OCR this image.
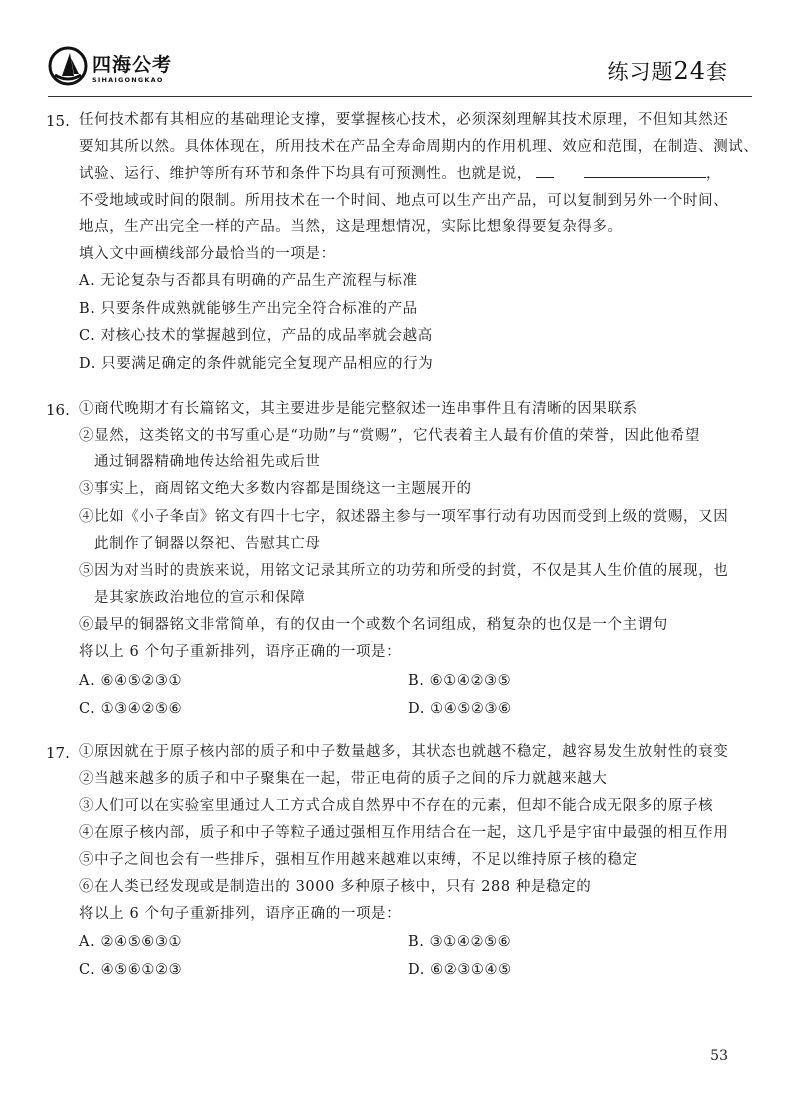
四海公考
SIHAIGONGKAO	练习题24套
15. 任何技术都有其相应的基础理论支撑，要掌握核心技术，必须深刻理解其技术原理，不但知其然还
要知其所以然。具体体现在，所用技术在产品全寿命周期内的作用机理、效应和范围，在制造、测试、
试验、运行、维护等所有环节和条件下均具有可预测性。也就是说，	，
不受地域或时间的限制。所用技术在一个时间、地点可以生产出产品，可以复制到另外一个时间、
地点，生产出完全一样的产品。当然，这是理想情况，实际比想象得要复杂得多。
填入文中画横线部分最恰当的一项是：
A. 无论复杂与否都具有明确的产品生产流程与标准
B. 只要条件成熟就能够生产出完全符合标准的产品
C. 对核心技术的掌握越到位，产品的成品率就会越高
D. 只要满足确定的条件就能完全复现产品相应的行为
16. ①商代晚期才有长篇铭文，其主要进步是能完整叙述一连串事件且有清晰的因果联系
②显然，这类铭文的书写重心是“功勋”与“赏赐”，它代表着主人最有价值的荣誉，因此他希望
通过铜器精确地传达给祖先或后世
③事实上，商周铭文绝大多数内容都是围绕这一主题展开的
④比如《小子夆卣》铭文有四十七字，叙述器主参与一项军事行动有功因而受到上级的赏赐，又因
此制作了铜器以祭祀、告慰其亡母
⑤因为对当时的贵族来说，用铭文记录其所立的功劳和所受的封赏，不仅是其人生价值的展现，也
是其家族政治地位的宣示和保障
⑥最早的铜器铭文非常简单，有的仅由一个或数个名词组成，稍复杂的也仅是一个主谓句
将以上 6 个句子重新排列，语序正确的一项是：
A. ⑥④⑤②③①	B. ⑥①④②③⑤
C. ①③④②⑤⑥	D. ①④⑤②③⑥
17. ①原因就在于原子核内部的质子和中子数量越多，其状态也就越不稳定，越容易发生放射性的衰变
②当越来越多的质子和中子聚集在一起，带正电荷的质子之间的斥力就越来越大
③人们可以在实验室里通过人工方式合成自然界中不存在的元素，但却不能合成无限多的原子核
④在原子核内部，质子和中子等粒子通过强相互作用结合在一起，这几乎是宇宙中最强的相互作用
⑤中子之间也会有一些排斥，强相互作用越来越难以束缚，不足以维持原子核的稳定
⑥在人类已经发现或是制造出的 3000 多种原子核中，只有 288 种是稳定的
将以上 6 个句子重新排列，语序正确的一项是：
A. ②④⑤⑥③①	B. ③①④②⑤⑥
C. ④⑤⑥①②③	D. ⑥②③①④⑤
53
